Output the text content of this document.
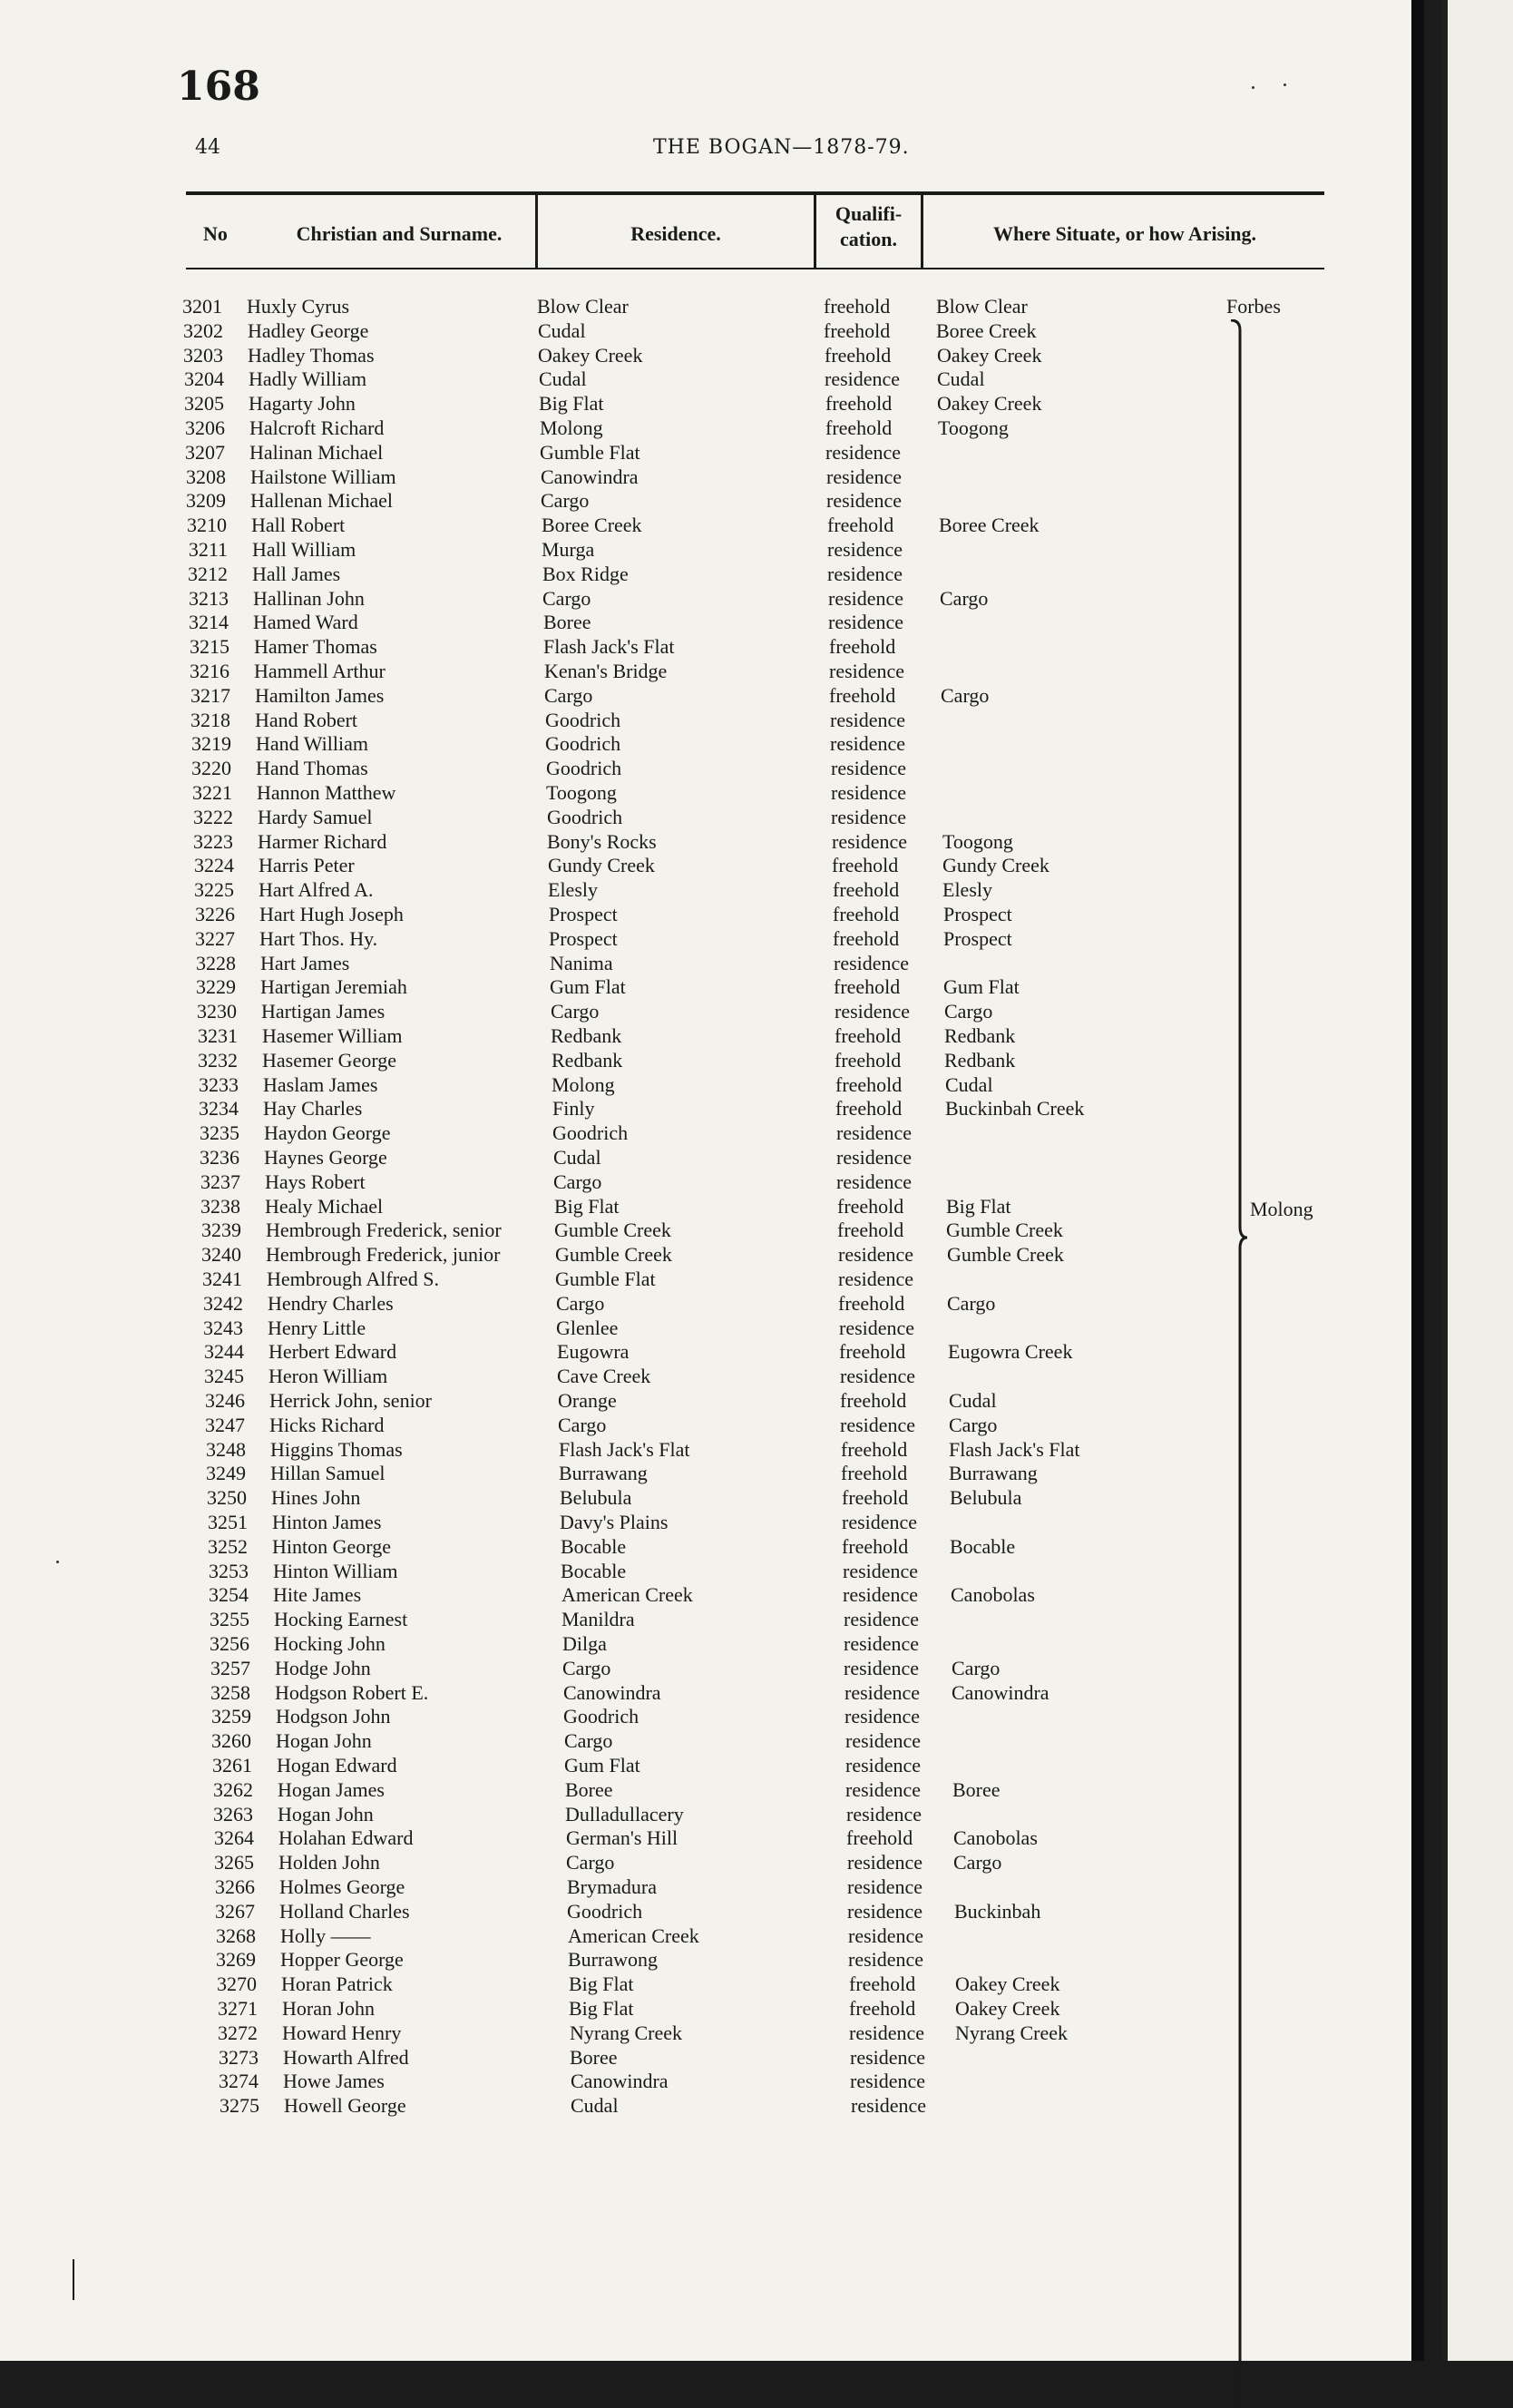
168
44	THE BOGAN—1878-79.
No	Christian and Surname.	Residence.
Qualifi-
cation.	Where Situate, or how Arising.
3201 Huxly Cyrus	Blow Clear	freehold Blow Clear
3202 Hadley George	Cudal	freehold Boree Creek
3203 Hadley Thomas	Oakey Creek	freehold Oakey Creek
3204 Hadly William	Cudal	residence Cudal
3205 Hagarty John	Big Flat	freehold Oakey Creek
3206 Halcroft Richard	Molong	freehold Toogong
3207 Halinan Michael	Gumble Flat	residence
3208 Hailstone William	Canowindra	residence
3209 Hallenan Michael	Cargo	residence
3210 Hall Robert	Boree Creek	freehold Boree Creek
3211 Hall William	Murga	residence
3212 Hall James	Box Ridge	residence
3213 Hallinan John	Cargo	residence Cargo
3214 Hamed Ward	Boree	residence
3215 Hamer Thomas	Flash Jack's Flat	freehold
3216 Hammell Arthur	Kenan's Bridge	residence
3217 Hamilton James	Cargo	freehold Cargo
3218 Hand Robert	Goodrich	residence
3219 Hand William	Goodrich	residence
3220 Hand Thomas	Goodrich	residence
3221 Hannon Matthew	Toogong	residence
3222 Hardy Samuel	Goodrich	residence
3223 Harmer Richard	Bony's Rocks	residence Toogong
3224 Harris Peter	Gundy Creek	freehold Gundy Creek
3225 Hart Alfred A.	Elesly	freehold Elesly
3226 Hart Hugh Joseph	Prospect	freehold Prospect
3227 Hart Thos. Hy.	Prospect	freehold Prospect
3228 Hart James	Nanima	residence
3229 Hartigan Jeremiah	Gum Flat	freehold Gum Flat
3230 Hartigan James	Cargo	residence Cargo
3231 Hasemer William	Redbank	freehold Redbank
3232 Hasemer George	Redbank	freehold Redbank
3233 Haslam James	Molong	freehold Cudal
3234 Hay Charles	Finly	freehold Buckinbah Creek
3235 Haydon George	Goodrich	residence
3236 Haynes George	Cudal	residence
3237 Hays Robert	Cargo	residence
3238 Healy Michael	Big Flat	freehold Big Flat
3239 Hembrough Frederick, senior	Gumble Creek	freehold Gumble Creek
3240 Hembrough Frederick, junior	Gumble Creek	residence Gumble Creek
3241 Hembrough Alfred S.	Gumble Flat	residence
3242 Hendry Charles	Cargo	freehold Cargo
3243 Henry Little	Glenlee	residence
3244 Herbert Edward	Eugowra	freehold Eugowra Creek
3245 Heron William	Cave Creek	residence
3246 Herrick John, senior	Orange	freehold Cudal
3247 Hicks Richard	Cargo	residence Cargo
3248 Higgins Thomas	Flash Jack's Flat	freehold Flash Jack's Flat
3249 Hillan Samuel	Burrawang	freehold Burrawang
3250 Hines John	Belubula	freehold Belubula
3251 Hinton James	Davy's Plains	residence
3252 Hinton George	Bocable	freehold Bocable
3253 Hinton William	Bocable	residence
3254 Hite James	American Creek	residence Canobolas
3255 Hocking Earnest	Manildra	residence
3256 Hocking John	Dilga	residence
3257 Hodge John	Cargo	residence Cargo
3258 Hodgson Robert E.	Canowindra	residence Canowindra
3259 Hodgson John	Goodrich	residence
3260 Hogan John	Cargo	residence
3261 Hogan Edward	Gum Flat	residence
3262 Hogan James	Boree	residence Boree
3263 Hogan John	Dulladullacery	residence
3264 Holahan Edward	German's Hill	freehold Canobolas
3265 Holden John	Cargo	residence Cargo
3266 Holmes George	Brymadura	residence
3267 Holland Charles	Goodrich	residence Buckinbah
3268 Holly ——	American Creek	residence
3269 Hopper George	Burrawong	residence
3270 Horan Patrick	Big Flat	freehold Oakey Creek
3271 Horan John	Big Flat	freehold Oakey Creek
3272 Howard Henry	Nyrang Creek	residence Nyrang Creek
3273 Howarth Alfred	Boree	residence
3274 Howe James	Canowindra	residence
3275 Howell George	Cudal	residence
Forbes
Molong
